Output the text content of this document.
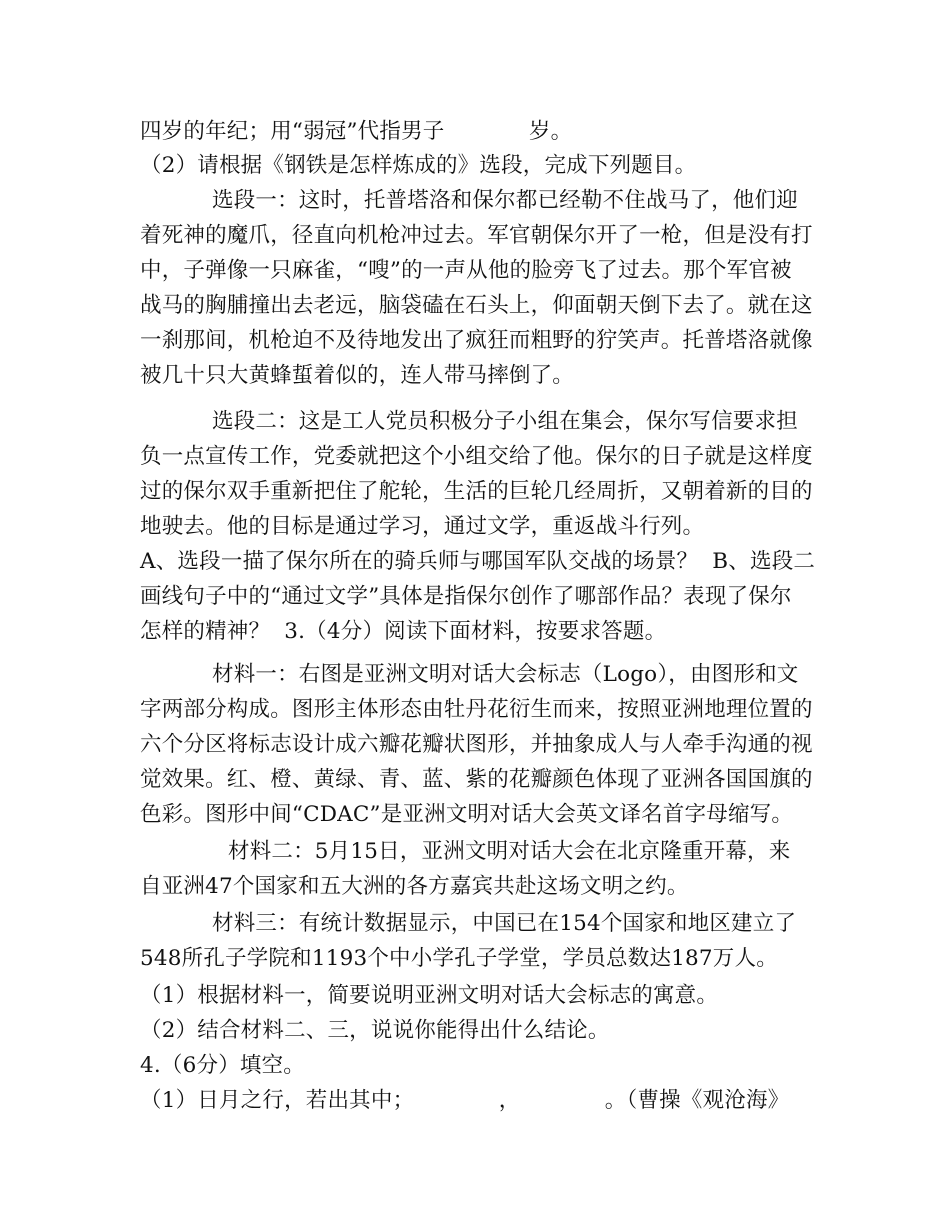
四岁的年纪；用“弱冠”代指男子            岁。
（2）请根据《钢铁是怎样炼成的》选段，完成下列题目。
选段一：这时，托普塔洛和保尔都已经勒不住战马了，他们迎
着死神的魔爪，径直向机枪冲过去。军官朝保尔开了一枪，但是没有打
中，子弹像一只麻雀，“嗖”的一声从他的脸旁飞了过去。那个军官被
战马的胸脯撞出去老远，脑袋磕在石头上，仰面朝天倒下去了。就在这
一刹那间，机枪迫不及待地发出了疯狂而粗野的狞笑声。托普塔洛就像
被几十只大黄蜂蜇着似的，连人带马摔倒了。
选段二：这是工人党员积极分子小组在集会，保尔写信要求担
负一点宣传工作，党委就把这个小组交给了他。保尔的日子就是这样度
过的保尔双手重新把住了舵轮，生活的巨轮几经周折，又朝着新的目的
地驶去。他的目标是通过学习，通过文学，重返战斗行列。
A、选段一描了保尔所在的骑兵师与哪国军队交战的场景？  B、选段二
画线句子中的“通过文学”具体是指保尔创作了哪部作品？表现了保尔
怎样的精神？  3.（4分）阅读下面材料，按要求答题。
材料一：右图是亚洲文明对话大会标志（Logo），由图形和文
字两部分构成。图形主体形态由牡丹花衍生而来，按照亚洲地理位置的
六个分区将标志设计成六瓣花瓣状图形，并抽象成人与人牵手沟通的视
觉效果。红、橙、黄绿、青、蓝、紫的花瓣颜色体现了亚洲各国国旗的
色彩。图形中间“CDAC”是亚洲文明对话大会英文译名首字母缩写。
材料二：5月15日，亚洲文明对话大会在北京隆重开幕，来
自亚洲47个国家和五大洲的各方嘉宾共赴这场文明之约。
材料三：有统计数据显示，中国已在154个国家和地区建立了
548所孔子学院和1193个中小学孔子学堂，学员总数达187万人。
（1）根据材料一，简要说明亚洲文明对话大会标志的寓意。
（2）结合材料二、三，说说你能得出什么结论。
4.（6分）填空。
（1）日月之行，若出其中；            ，            。（曹操《观沧海》
